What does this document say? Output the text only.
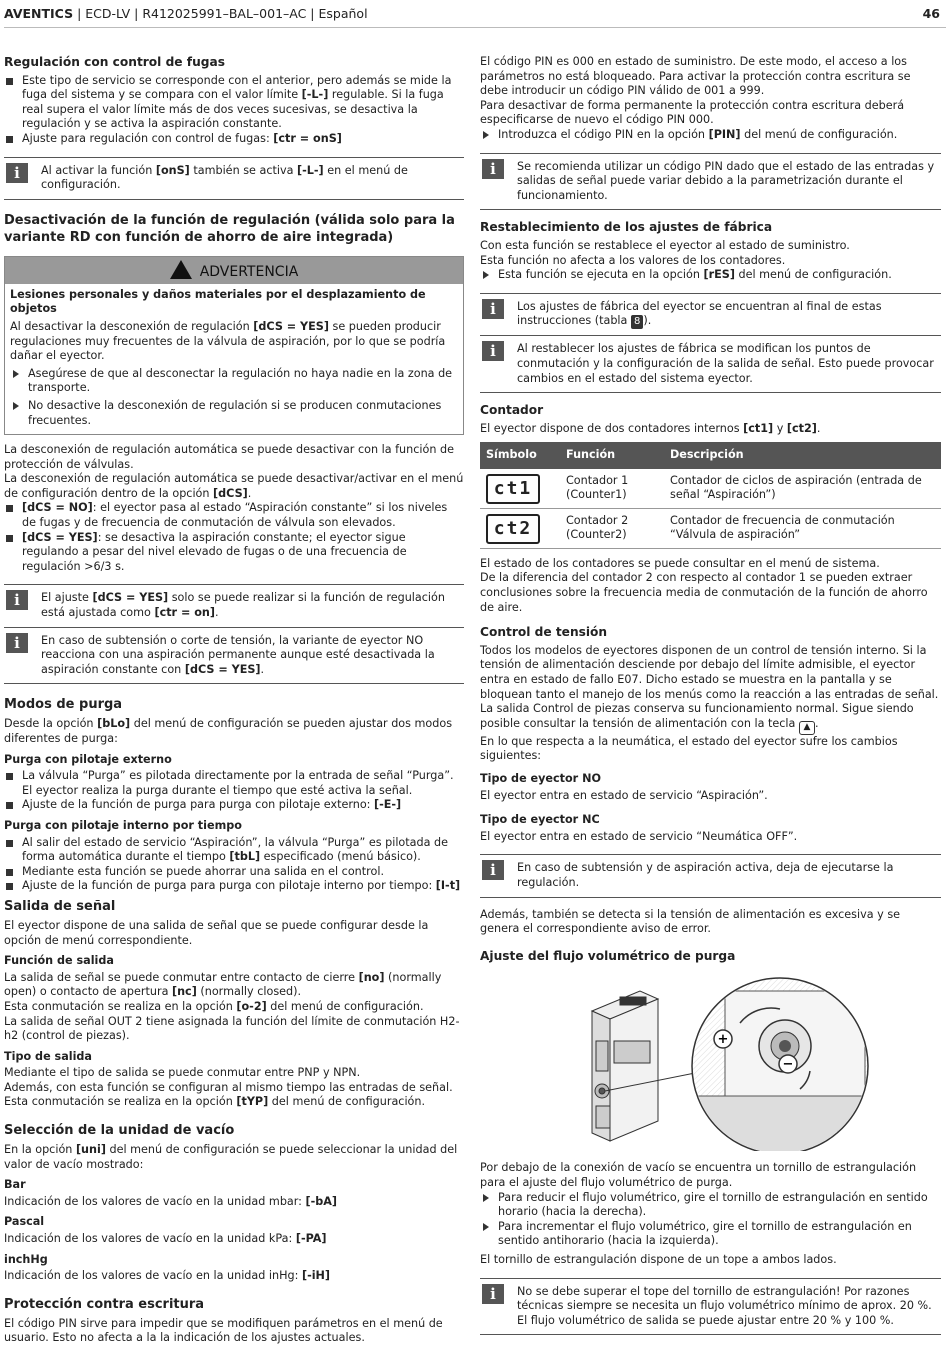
AVENTICS | ECD-LV | R412025991–BAL–001–AC | Español	46
Regulación con control de fugas
Este tipo de servicio se corresponde con el anterior, pero además se mide la fuga del sistema y se compara con el valor límite [-L-] regulable. Si la fuga real supera el valor límite más de dos veces sucesivas, se desactiva la regulación y se activa la aspiración constante.
Ajuste para regulación con control de fugas: [ctr = onS]
i	Al activar la función [onS] también se activa [-L-] en el menú de configuración.

Desactivación de la función de regulación (válida solo para la variante RD con función de ahorro de aire integrada)
ADVERTENCIA

Lesiones personales y daños materiales por el desplazamiento de objetos

Al desactivar la desconexión de regulación [dCS = YES] se pueden producir regulaciones muy frecuentes de la válvula de aspiración, por lo que se podría dañar el eyector.

Asegúrese de que al desconectar la regulación no haya nadie en la zona de transporte.
No desactive la desconexión de regulación si se producen conmutaciones frecuentes.

La desconexión de regulación automática se puede desactivar con la función de protección de válvulas.

La desconexión de regulación automática se puede desactivar/activar en el menú de configuración dentro de la opción [dCS].

[dCS = NO]: el eyector pasa al estado “Aspiración constante” si los niveles de fugas y de frecuencia de conmutación de válvula son elevados.
[dCS = YES]: se desactiva la aspiración constante; el eyector sigue regulando a pesar del nivel elevado de fugas o de una frecuencia de regulación >6/3 s.
i	El ajuste [dCS = YES] solo se puede realizar si la función de regulación está ajustada como [ctr = on].

i	En caso de subtensión o corte de tensión, la variante de eyector NO reacciona con una aspiración permanente aunque esté desactivada la aspiración constante con [dCS = YES].

Modos de purga

Desde la opción [bLo] del menú de configuración se pueden ajustar dos modos diferentes de purga:

Purga con pilotaje externo
La válvula “Purga” es pilotada directamente por la entrada de señal “Purga”. El eyector realiza la purga durante el tiempo que esté activa la señal.
Ajuste de la función de purga para purga con pilotaje externo: [-E-]
Purga con pilotaje interno por tiempo
Al salir del estado de servicio “Aspiración”, la válvula “Purga” es pilotada de forma automática durante el tiempo [tbL] especificado (menú básico).
Mediante esta función se puede ahorrar una salida en el control.
Ajuste de la función de purga para purga con pilotaje interno por tiempo: [I-t]
Salida de señal

El eyector dispone de una salida de señal que se puede configurar desde la opción de menú correspondiente.

Función de salida

La salida de señal se puede conmutar entre contacto de cierre [no] (normally open) o contacto de apertura [nc] (normally closed).

Esta conmutación se realiza en la opción [o-2] del menú de configuración.

La salida de señal OUT 2 tiene asignada la función del límite de conmutación H2-h2 (control de piezas).

Tipo de salida

Mediante el tipo de salida se puede conmutar entre PNP y NPN.

Además, con esta función se configuran al mismo tiempo las entradas de señal.

Esta conmutación se realiza en la opción [tYP] del menú de configuración.

Selección de la unidad de vacío

En la opción [uni] del menú de configuración se puede seleccionar la unidad del valor de vacío mostrado:

Bar

Indicación de los valores de vacío en la unidad mbar: [-bA]

Pascal

Indicación de los valores de vacío en la unidad kPa: [-PA]

inchHg

Indicación de los valores de vacío en la unidad inHg: [-iH]

Protección contra escritura

El código PIN sirve para impedir que se modifiquen parámetros en el menú de usuario. Esto no afecta a la la indicación de los ajustes actuales.

El código PIN es 000 en estado de suministro. De este modo, el acceso a los parámetros no está bloqueado. Para activar la protección contra escritura se debe introducir un código PIN válido de 001 a 999.

Para desactivar de forma permanente la protección contra escritura deberá especificarse de nuevo el código PIN 000.

Introduzca el código PIN en la opción [PIN] del menú de configuración.
i	Se recomienda utilizar un código PIN dado que el estado de las entradas y salidas de señal puede variar debido a la parametrización durante el funcionamiento.

Restablecimiento de los ajustes de fábrica

Con esta función se restablece el eyector al estado de suministro.

Esta función no afecta a los valores de los contadores.

Esta función se ejecuta en la opción [rES] del menú de configuración.
i	Los ajustes de fábrica del eyector se encuentran al final de estas instrucciones (tabla 8 ).

i	Al restablecer los ajustes de fábrica se modifican los puntos de conmutación y la configuración de la salida de señal. Esto puede provocar cambios en el estado del sistema eyector.

Contador

El eyector dispone de dos contadores internos [ct1] y [ct2].

Símbolo	Función	Descripción
ct1	Contador 1 (Counter1)	Contador de ciclos de aspiración (entrada de señal “Aspiración”)
ct2	Contador 2 (Counter2)	Contador de frecuencia de conmutación “Válvula de aspiración”

El estado de los contadores se puede consultar en el menú de sistema.

De la diferencia del contador 2 con respecto al contador 1 se pueden extraer conclusiones sobre la frecuencia media de conmutación de la función de ahorro de aire.

Control de tensión

Todos los modelos de eyectores disponen de un control de tensión interno. Si la tensión de alimentación desciende por debajo del límite admisible, el eyector entra en estado de fallo E07. Dicho estado se muestra en la pantalla y se bloquean tanto el manejo de los menús como la reacción a las entradas de señal. La salida Control de piezas conserva su funcionamiento normal. Sigue siendo posible consultar la tensión de alimentación con la tecla ▲ .

En lo que respecta a la neumática, el estado del eyector sufre los cambios siguientes:

Tipo de eyector NO

El eyector entra en estado de servicio “Aspiración”.

Tipo de eyector NC

El eyector entra en estado de servicio “Neumática OFF”.

i	En caso de subtensión y de aspiración activa, deja de ejecutarse la regulación.

Además, también se detecta si la tensión de alimentación es excesiva y se genera el correspondiente aviso de error.

Ajuste del flujo volumétrico de purga
+
−

Por debajo de la conexión de vacío se encuentra un tornillo de estrangulación para el ajuste del flujo volumétrico de purga.

Para reducir el flujo volumétrico, gire el tornillo de estrangulación en sentido horario (hacia la derecha).
Para incrementar el flujo volumétrico, gire el tornillo de estrangulación en sentido antihorario (hacia la izquierda).

El tornillo de estrangulación dispone de un tope a ambos lados.

i	No se debe superar el tope del tornillo de estrangulación! Por razones técnicas siempre se necesita un flujo volumétrico mínimo de aprox. 20 %. El flujo volumétrico de salida se puede ajustar entre 20 % y 100 %.
